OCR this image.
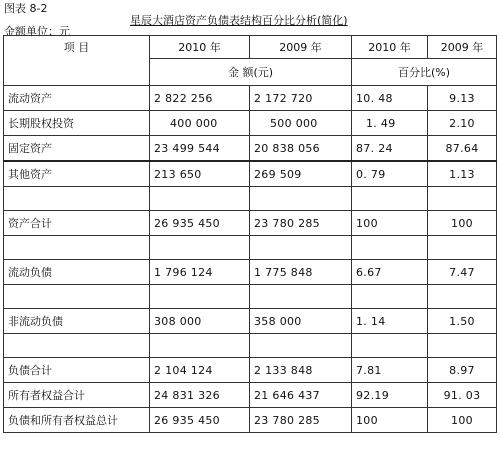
图表 8-2
星辰大酒店资产负债表结构百分比分析(简化)
金额单位：元
项 目	2010 年	2009 年	2010 年	2009 年
	金 额(元)		百分比(%)	
流动资产	2 822 256	2 172 720	10. 48	9.13
长期股权投资	400 000	500 000	1. 49	2.10
固定资产	23 499 544	20 838 056	87. 24	87.64
其他资产	213 650	269 509	0. 79	1.13

资产合计	26 935 450	23 780 285	100	100

流动负债	1 796 124	1 775 848	6.67	7.47

非流动负债	308 000	358 000	1. 14	1.50

负债合计	2 104 124	2 133 848	7.81	8.97
所有者权益合计	24 831 326	21 646 437	92.19	91. 03
负债和所有者权益总计	26 935 450	23 780 285	100	100
